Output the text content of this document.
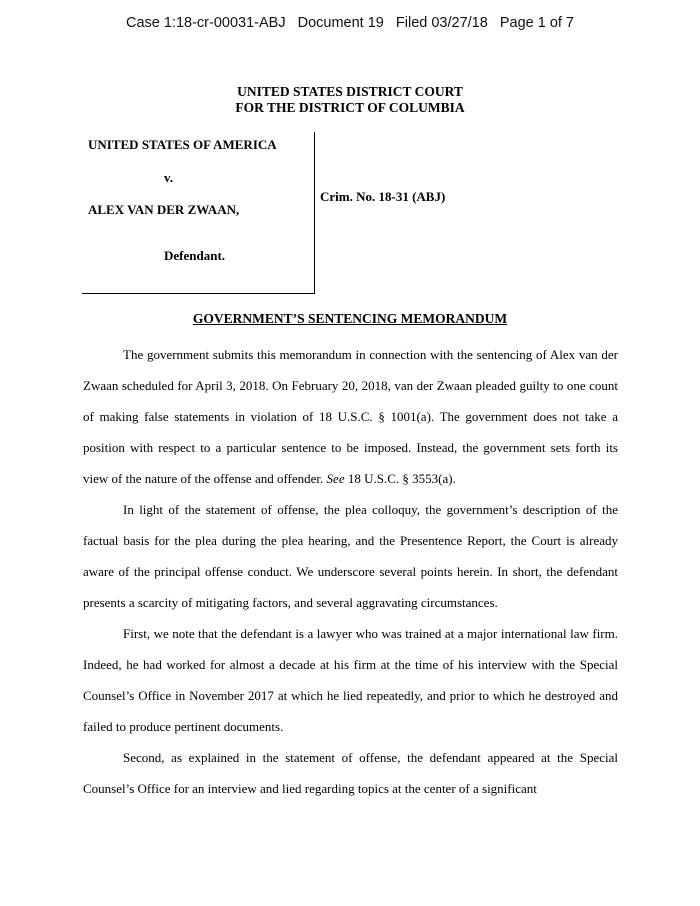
Case 1:18-cr-00031-ABJ Document 19 Filed 03/27/18 Page 1 of 7
UNITED STATES DISTRICT COURT
FOR THE DISTRICT OF COLUMBIA
UNITED STATES OF AMERICA
v.
ALEX VAN DER ZWAAN,
Defendant.
Crim. No. 18-31 (ABJ)
GOVERNMENT’S SENTENCING MEMORANDUM

The government submits this memorandum in connection with the sentencing of Alex van der Zwaan scheduled for April 3, 2018. On February 20, 2018, van der Zwaan pleaded guilty to one count of making false statements in violation of 18 U.S.C. § 1001(a). The government does not take a position with respect to a particular sentence to be imposed. Instead, the government sets forth its view of the nature of the offense and offender. See 18 U.S.C. § 3553(a).

In light of the statement of offense, the plea colloquy, the government’s description of the factual basis for the plea during the plea hearing, and the Presentence Report, the Court is already aware of the principal offense conduct. We underscore several points herein. In short, the defendant presents a scarcity of mitigating factors, and several aggravating circumstances.

First, we note that the defendant is a lawyer who was trained at a major international law firm. Indeed, he had worked for almost a decade at his firm at the time of his interview with the Special Counsel’s Office in November 2017 at which he lied repeatedly, and prior to which he destroyed and failed to produce pertinent documents.

Second, as explained in the statement of offense, the defendant appeared at the Special Counsel’s Office for an interview and lied regarding topics at the center of a significant
